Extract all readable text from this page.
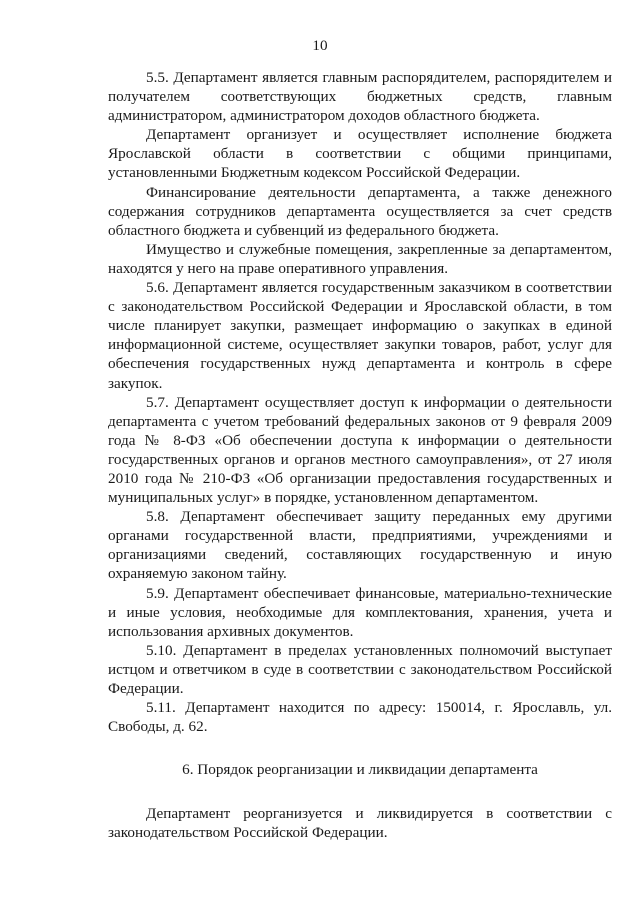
10

5.5. Департамент является главным распорядителем, распорядителем и получателем соответствующих бюджетных средств, главным администратором, администратором доходов областного бюджета.

Департамент организует и осуществляет исполнение бюджета Ярославской области в соответствии с общими принципами, установленными Бюджетным кодексом Российской Федерации.

Финансирование деятельности департамента, а также денежного содержания сотрудников департамента осуществляется за счет средств областного бюджета и субвенций из федерального бюджета.

Имущество и служебные помещения, закрепленные за департаментом, находятся у него на праве оперативного управления.

5.6. Департамент является государственным заказчиком в соответствии с законодательством Российской Федерации и Ярославской области, в том числе планирует закупки, размещает информацию о закупках в единой информационной системе, осуществляет закупки товаров, работ, услуг для обеспечения государственных нужд департамента и контроль в сфере закупок.

5.7. Департамент осуществляет доступ к информации о деятельности департамента с учетом требований федеральных законов от 9 февраля 2009 года № 8-ФЗ «Об обеспечении доступа к информации о деятельности государственных органов и органов местного самоуправления», от 27 июля 2010 года № 210-ФЗ «Об организации предоставления государственных и муниципальных услуг» в порядке, установленном департаментом.

5.8. Департамент обеспечивает защиту переданных ему другими органами государственной власти, предприятиями, учреждениями и организациями сведений, составляющих государственную и иную охраняемую законом тайну.

5.9. Департамент обеспечивает финансовые, материально-технические и иные условия, необходимые для комплектования, хранения, учета и использования архивных документов.

5.10. Департамент в пределах установленных полномочий выступает истцом и ответчиком в суде в соответствии с законодательством Российской Федерации.

5.11. Департамент находится по адресу: 150014, г. Ярославль, ул. Свободы, д. 62.

6. Порядок реорганизации и ликвидации департамента

Департамент реорганизуется и ликвидируется в соответствии с законодательством Российской Федерации.
